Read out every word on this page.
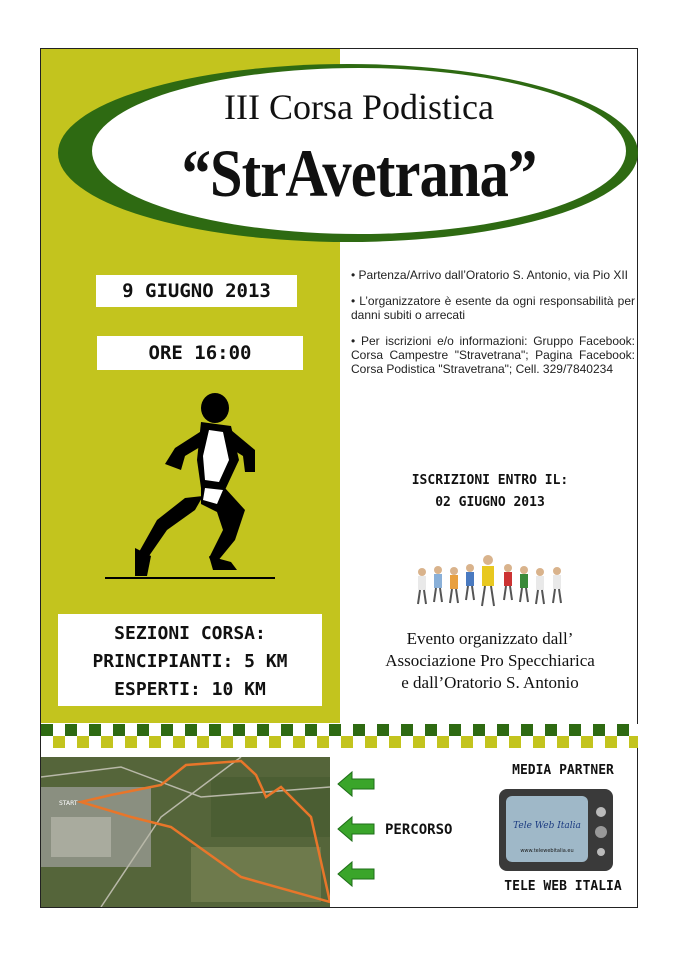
III Corsa Podistica
“StrAvetrana”
9 GIUGNO 2013
ORE 16:00

• Partenza/Arrivo dall’Oratorio S. Antonio, via Pio XII

• L’organizzatore è esente da ogni responsabilità per danni subiti o arrecati

• Per iscrizioni e/o informazioni: Gruppo Facebook: Corsa Campestre "Stravetrana"; Pagina Facebook: Corsa Podistica "Stravetrana"; Cell. 329/7840234

ISCRIZIONI ENTRO IL:
02 GIUGNO 2013
SEZIONI CORSA:
PRINCIPIANTI: 5 KM
ESPERTI: 10 KM
Evento organizzato dall’
Associazione Pro Specchiarica
e dall’Oratorio S. Antonio
START
PERCORSO
MEDIA PARTNER
Tele Web Italia
www.telewebitalia.eu
TELE WEB ITALIA
